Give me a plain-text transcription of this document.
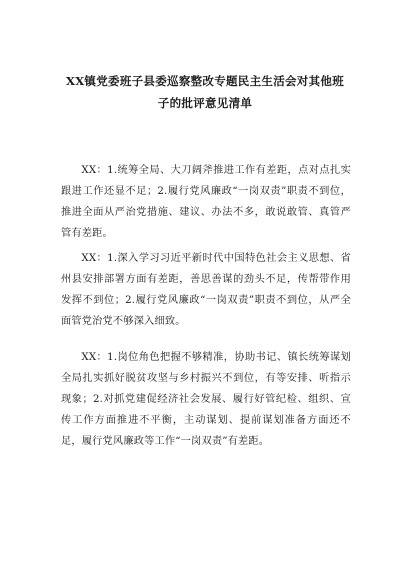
XX镇党委班子县委巡察整改专题民主生活会对其他班
子的批评意见清单
XX：1.统筹全局、大刀阔斧推进工作有差距，点对点扎实跟进工作还显不足；2.履行党风廉政“一岗双责”职责不到位，推进全面从严治党措施、建议、办法不多，敢说敢管、真管严管有差距。
XX：1.深入学习习近平新时代中国特色社会主义思想、省州县安排部署方面有差距，善思善谋的劲头不足，传帮带作用发挥不到位；2.履行党风廉政“一岗双责”职责不到位，从严全面管党治党不够深入细致。
XX：1.岗位角色把握不够精准，协助书记、镇长统筹谋划全局扎实抓好脱贫攻坚与乡村振兴不到位，有等安排、听指示现象；2.对抓党建促经济社会发展、履行好管纪检、组织、宣传工作方面推进不平衡，主动谋划、提前谋划准备方面还不足，履行党风廉政等工作“一岗双责”有差距。
